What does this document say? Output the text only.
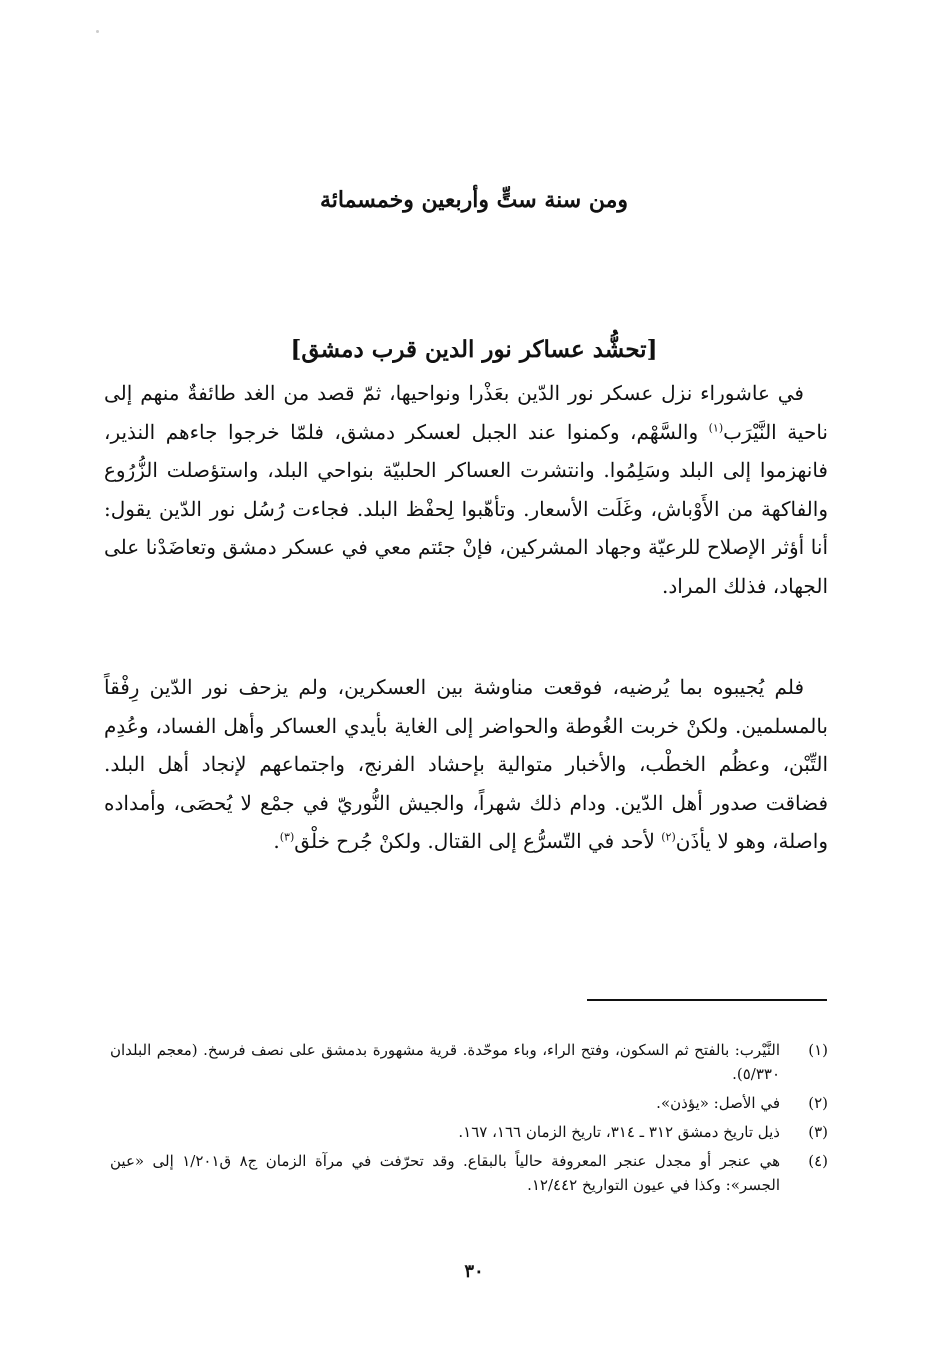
ومن سنة ستٍّ وأربعين وخمسمائة
[تحشُّد عساكر نور الدين قرب دمشق]

في عاشوراء نزل عسكر نور الدّين بعَذْرا ونواحيها، ثمّ قصد من الغد طائفةٌ منهم إلى ناحية النَّيْرَب$^{(١)}$ والسَّهْم، وكمنوا عند الجبل لعسكر دمشق، فلمّا خرجوا جاءهم النذير، فانهزموا إلى البلد وسَلِمُوا. وانتشرت العساكر الحلبيّة بنواحي البلد، واستؤصلت الزُّرُوع والفاكهة من الأَوْباش، وغَلَت الأسعار. وتأهّبوا لِحفْظ البلد. فجاءت رُسُل نور الدّين يقول: أنا أؤثر الإصلاح للرعيّة وجهاد المشركين، فإنْ جئتم معي في عسكر دمشق وتعاضَدْنا على الجهاد، فذلك المراد.

فلم يُجيبوه بما يُرضيه، فوقعت مناوشة بين العسكرين، ولم يزحف نور الدّين رِفْقاً بالمسلمين. ولكنْ خربت الغُوطة والحواضر إلى الغاية بأيدي العساكر وأهل الفساد، وعُدِم التِّبْن، وعظُم الخطْب، والأخبار متوالية بإحشاد الفرنج، واجتماعهم لإنجاد أهل البلد. فضاقت صدور أهل الدّين. ودام ذلك شهراً، والجيش النُّوريّ في جمْع لا يُحصَى، وأمداده واصلة، وهو لا يأذَن$^{(٢)}$ لأحد في التّسرُّع إلى القتال. ولكنْ جُرح خلْق$^{(٣)}$.

(١)
النَّيْرب: بالفتح ثم السكون، وفتح الراء، وباء موحّدة. قرية مشهورة بدمشق على نصف فرسخ. (معجم البلدان ٥/٣٣٠).
(٢)
في الأصل: «يؤذن».
(٣)
ذيل تاريخ دمشق ٣١٢ ـ ٣١٤، تاريخ الزمان ١٦٦، ١٦٧.
(٤)
هي عنجر أو مجدل عنجر المعروفة حالياً بالبقاع. وقد تحرّفت في مرآة الزمان ج٨ ق١/٢٠١ إلى «عين الجسر»: وكذا في عيون التواريخ ١٢/٤٤٢.
٣٠
